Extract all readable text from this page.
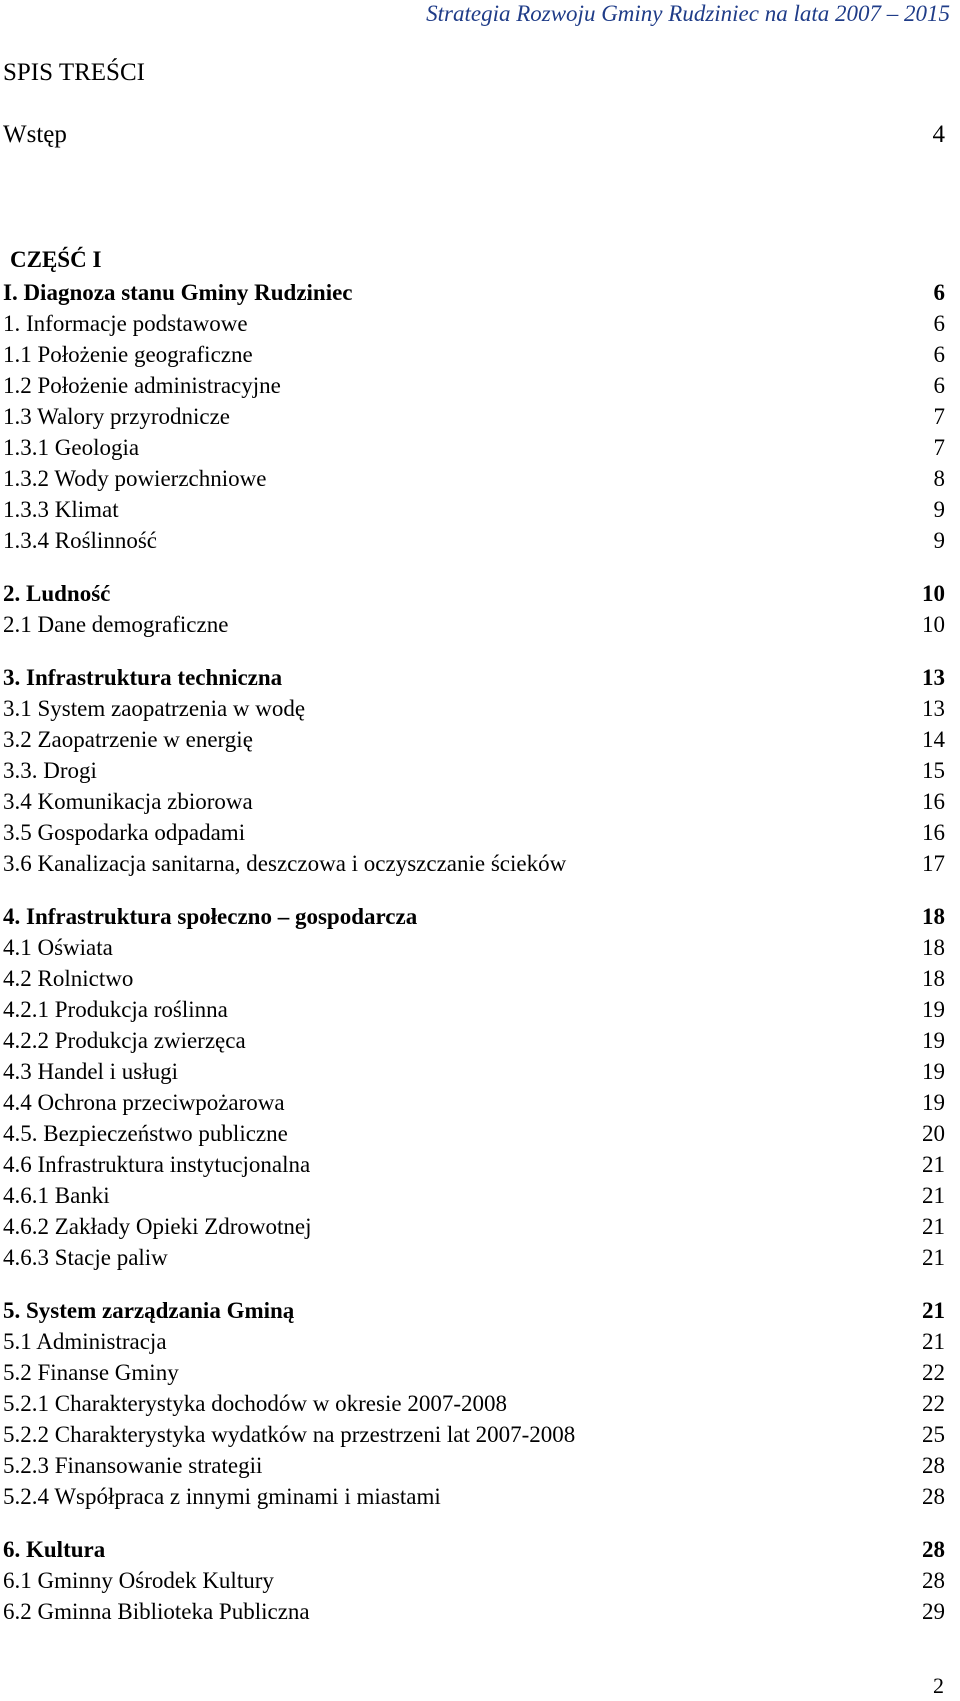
Strategia Rozwoju Gminy Rudziniec na lata 2007 – 2015
SPIS TREŚCI
Wstęp	4
CZĘŚĆ I
I. Diagnoza stanu Gminy Rudziniec	6
1. Informacje podstawowe	6
1.1 Położenie geograficzne	6
1.2 Położenie administracyjne	6
1.3 Walory przyrodnicze	7
1.3.1 Geologia	7
1.3.2 Wody powierzchniowe	8
1.3.3 Klimat	9
1.3.4 Roślinność	9
2. Ludność	10
2.1 Dane demograficzne	10
3. Infrastruktura techniczna	13
3.1 System zaopatrzenia w wodę	13
3.2 Zaopatrzenie w energię	14
3.3. Drogi	15
3.4 Komunikacja zbiorowa	16
3.5 Gospodarka odpadami	16
3.6 Kanalizacja sanitarna, deszczowa i oczyszczanie ścieków	17
4. Infrastruktura społeczno – gospodarcza	18
4.1 Oświata	18
4.2 Rolnictwo	18
4.2.1 Produkcja roślinna	19
4.2.2 Produkcja zwierzęca	19
4.3 Handel i usługi	19
4.4 Ochrona przeciwpożarowa	19
4.5. Bezpieczeństwo publiczne	20
4.6 Infrastruktura instytucjonalna	21
4.6.1 Banki	21
4.6.2 Zakłady Opieki Zdrowotnej	21
4.6.3 Stacje paliw	21
5. System zarządzania Gminą	21
5.1 Administracja	21
5.2 Finanse Gminy	22
5.2.1 Charakterystyka dochodów w okresie 2007-2008	22
5.2.2 Charakterystyka wydatków na przestrzeni lat 2007-2008	25
5.2.3 Finansowanie strategii	28
5.2.4 Współpraca z innymi gminami i miastami	28
6. Kultura	28
6.1 Gminny Ośrodek Kultury	28
6.2 Gminna Biblioteka Publiczna	29
2
